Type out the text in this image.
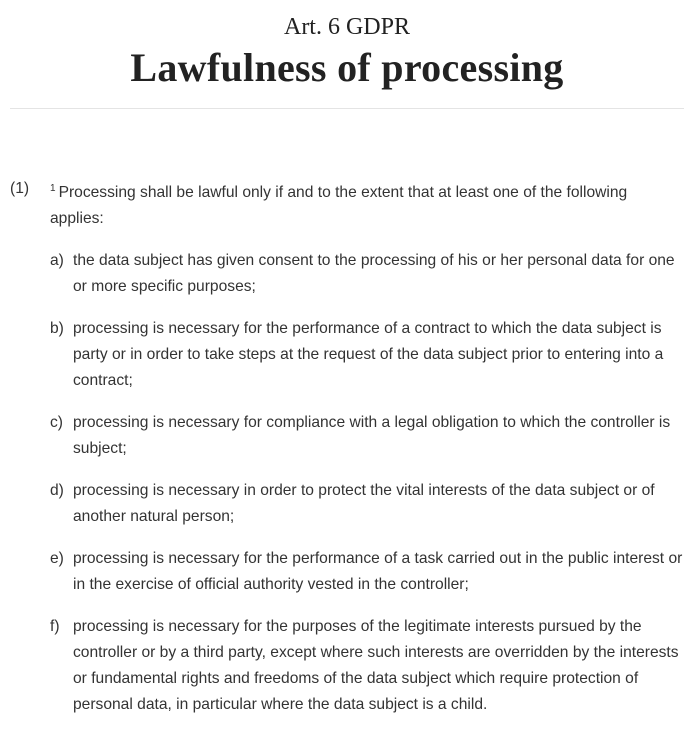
Art. 6 GDPR
Lawfulness of processing
(1) $^1$ Processing shall be lawful only if and to the extent that at least one of the following applies:
a) the data subject has given consent to the processing of his or her personal data for one or more specific purposes;
b) processing is necessary for the performance of a contract to which the data subject is party or in order to take steps at the request of the data subject prior to entering into a contract;
c) processing is necessary for compliance with a legal obligation to which the controller is subject;
d) processing is necessary in order to protect the vital interests of the data subject or of another natural person;
e) processing is necessary for the performance of a task carried out in the public interest or in the exercise of official authority vested in the controller;
f) processing is necessary for the purposes of the legitimate interests pursued by the controller or by a third party, except where such interests are overridden by the interests or fundamental rights and freedoms of the data subject which require protection of personal data, in particular where the data subject is a child.
